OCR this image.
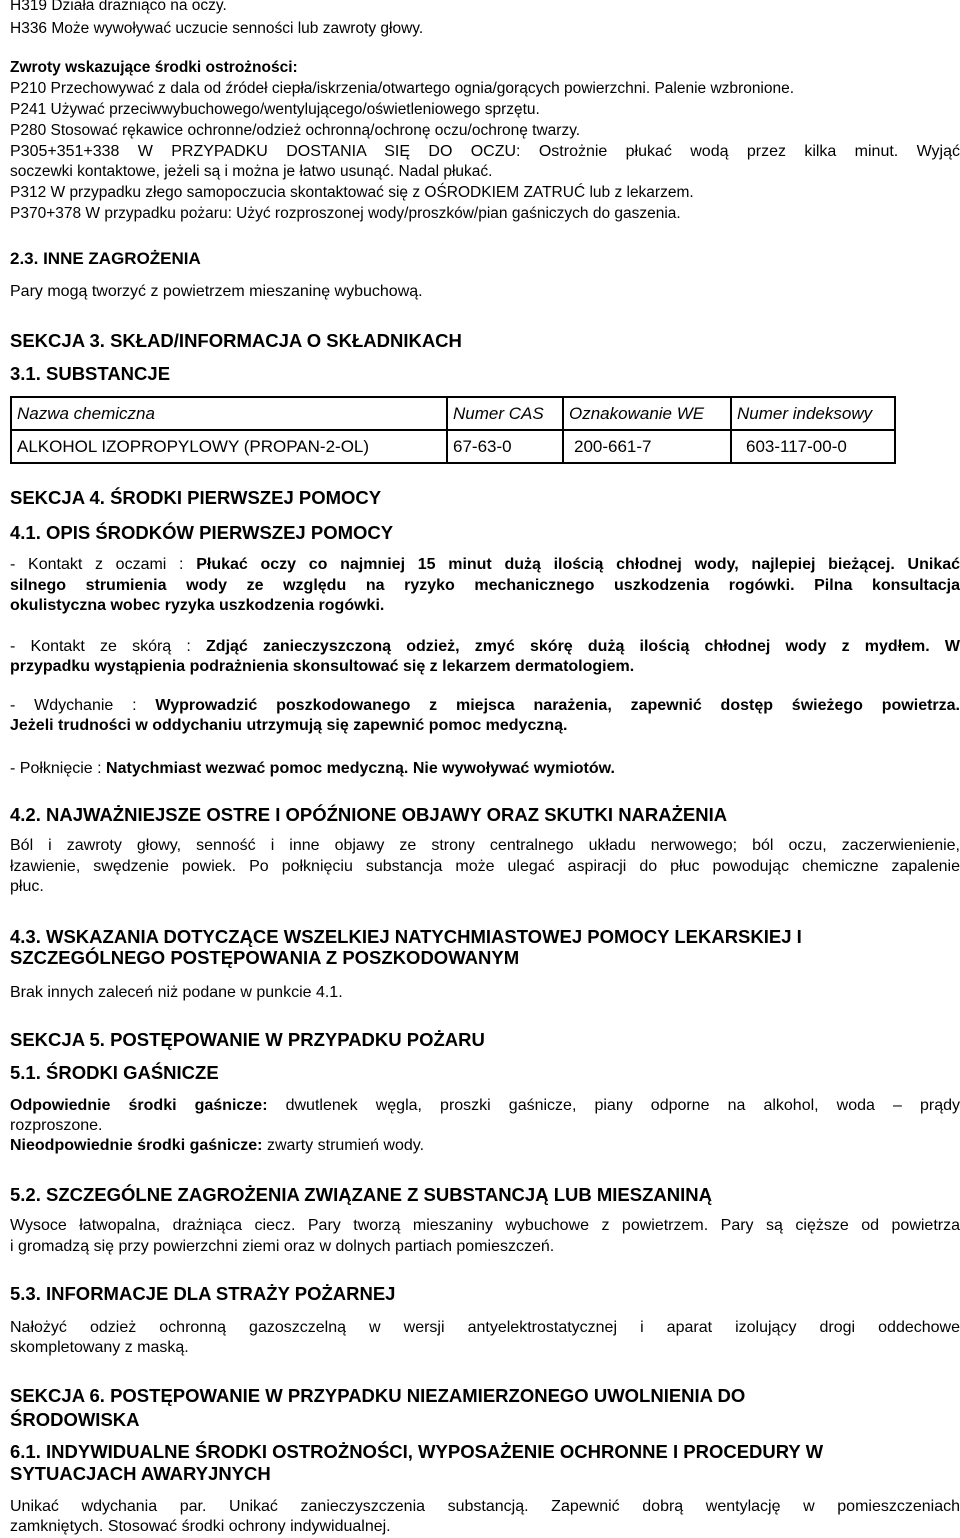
H319 Działa drażniąco na oczy.
H336 Może wywoływać uczucie senności lub zawroty głowy.
Zwroty wskazujące środki ostrożności:
P210 Przechowywać z dala od źródeł ciepła/iskrzenia/otwartego ognia/gorących powierzchni. Palenie wzbronione.
P241 Używać przeciwwybuchowego/wentylującego/oświetleniowego sprzętu.
P280 Stosować rękawice ochronne/odzież ochronną/ochronę oczu/ochronę twarzy.
P305+351+338 W PRZYPADKU DOSTANIA SIĘ DO OCZU: Ostrożnie płukać wodą przez kilka minut. Wyjąć
soczewki kontaktowe, jeżeli są i można je łatwo usunąć. Nadal płukać.
P312 W przypadku złego samopoczucia skontaktować się z OŚRODKIEM ZATRUĆ lub z lekarzem.
P370+378 W przypadku pożaru: Użyć rozproszonej wody/proszków/pian gaśniczych do gaszenia.
2.3. INNE ZAGROŻENIA
Pary mogą tworzyć z powietrzem mieszaninę wybuchową.
SEKCJA 3. SKŁAD/INFORMACJA O SKŁADNIKACH
3.1. SUBSTANCJE
Nazwa chemiczna	Numer CAS	Oznakowanie WE	Numer indeksowy
ALKOHOL IZOPROPYLOWY (PROPAN-2-OL)	67-63-0	200-661-7	603-117-00-0
SEKCJA 4. ŚRODKI PIERWSZEJ POMOCY
4.1. OPIS ŚRODKÓW PIERWSZEJ POMOCY
- Kontakt z oczami : Płukać oczy co najmniej 15 minut dużą ilością chłodnej wody, najlepiej bieżącej. Unikać
silnego strumienia wody ze względu na ryzyko mechanicznego uszkodzenia rogówki. Pilna konsultacja
okulistyczna wobec ryzyka uszkodzenia rogówki.
- Kontakt ze skórą : Zdjąć zanieczyszczoną odzież, zmyć skórę dużą ilością chłodnej wody z mydłem. W
przypadku wystąpienia podrażnienia skonsultować się z lekarzem dermatologiem.
- Wdychanie : Wyprowadzić poszkodowanego z miejsca narażenia, zapewnić dostęp świeżego powietrza.
Jeżeli trudności w oddychaniu utrzymują się zapewnić pomoc medyczną.
- Połknięcie : Natychmiast wezwać pomoc medyczną. Nie wywoływać wymiotów.
4.2. NAJWAŻNIEJSZE OSTRE I OPÓŹNIONE OBJAWY ORAZ SKUTKI NARAŻENIA
Ból i zawroty głowy, senność i inne objawy ze strony centralnego układu nerwowego; ból oczu, zaczerwienienie,
łzawienie, swędzenie powiek. Po połknięciu substancja może ulegać aspiracji do płuc powodując chemiczne zapalenie
płuc.
4.3. WSKAZANIA DOTYCZĄCE WSZELKIEJ NATYCHMIASTOWEJ POMOCY LEKARSKIEJ I
SZCZEGÓLNEGO POSTĘPOWANIA Z POSZKODOWANYM
Brak innych zaleceń niż podane w punkcie 4.1.
SEKCJA 5. POSTĘPOWANIE W PRZYPADKU POŻARU
5.1. ŚRODKI GAŚNICZE
Odpowiednie środki gaśnicze: dwutlenek węgla, proszki gaśnicze, piany odporne na alkohol, woda – prądy
rozproszone.
Nieodpowiednie środki gaśnicze: zwarty strumień wody.
5.2. SZCZEGÓLNE ZAGROŻENIA ZWIĄZANE Z SUBSTANCJĄ LUB MIESZANINĄ
Wysoce łatwopalna, drażniąca ciecz. Pary tworzą mieszaniny wybuchowe z powietrzem. Pary są cięższe od powietrza
i gromadzą się przy powierzchni ziemi oraz w dolnych partiach pomieszczeń.
5.3. INFORMACJE DLA STRAŻY POŻARNEJ
Nałożyć odzież ochronną gazoszczelną w wersji antyelektrostatycznej i aparat izolujący drogi oddechowe
skompletowany z maską.
SEKCJA 6. POSTĘPOWANIE W PRZYPADKU NIEZAMIERZONEGO UWOLNIENIA DO
ŚRODOWISKA
6.1. INDYWIDUALNE ŚRODKI OSTROŻNOŚCI, WYPOSAŻENIE OCHRONNE I PROCEDURY W
SYTUACJACH AWARYJNYCH
Unikać wdychania par. Unikać zanieczyszczenia substancją. Zapewnić dobrą wentylację w pomieszczeniach
zamkniętych. Stosować środki ochrony indywidualnej.
